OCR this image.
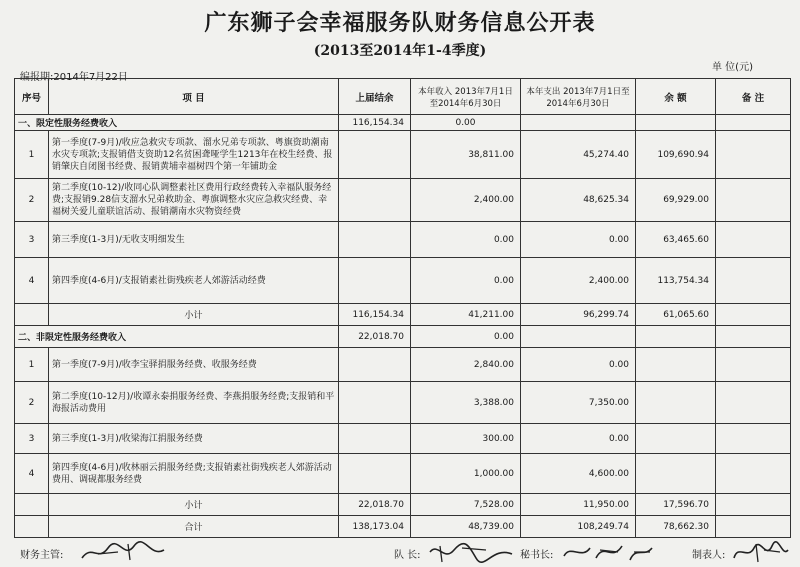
广东狮子会幸福服务队财务信息公开表
(2013至2014年1-4季度)
编报期:2014年7月22日
单 位(元)
序号	项 目	上届结余	本年收入 2013年7月1日至2014年6月30日	本年支出 2013年7月1日至2014年6月30日	余 额	备 注
一、限定性服务经费收入		116,154.34	0.00			
1	第一季度(7-9月)/收应急救灾专项款、溜水兄弟专项款、粤旗资助潮南水灾专项款;支报销借支资助12名贫困聋哑学生1213年在校生经费、报销肇庆自闭图书经费、报销黄埔幸福树四个第一年铺助金		38,811.00	45,274.40	109,690.94	
2	第二季度(10-12)/收同心队调整素社区费用行政经费转入幸福队服务经费;支报销9.28信支溜水兄弟救助金、粤旗调整水灾应急救灾经费、幸福树关爱儿童联谊活动、报销潮南水灾物资经费		2,400.00	48,625.34	69,929.00	
3	第三季度(1-3月)/无收支明细发生		0.00	0.00	63,465.60	
4	第四季度(4-6月)/支报销素社街残疾老人郊游活动经费		0.00	2,400.00	113,754.34	
	小计	116,154.34	41,211.00	96,299.74	61,065.60	
二、非限定性服务经费收入		22,018.70	0.00			
1	第一季度(7-9月)/收李宝驿捐服务经费、收服务经费		2,840.00	0.00		
2	第二季度(10-12月)/收谭永泰捐服务经费、李燕捐服务经费;支报销和平海报活动费用		3,388.00	7,350.00		
3	第三季度(1-3月)/收梁海江捐服务经费		300.00	0.00		
4	第四季度(4-6月)/收林丽云捐服务经费;支报销素社街残疾老人郊游活动费用、调砚都服务经费		1,000.00	4,600.00		
	小计	22,018.70	7,528.00	11,950.00	17,596.70	
	合计	138,173.04	48,739.00	108,249.74	78,662.30	
财务主管:	队 长:	秘书长:	制表人:
